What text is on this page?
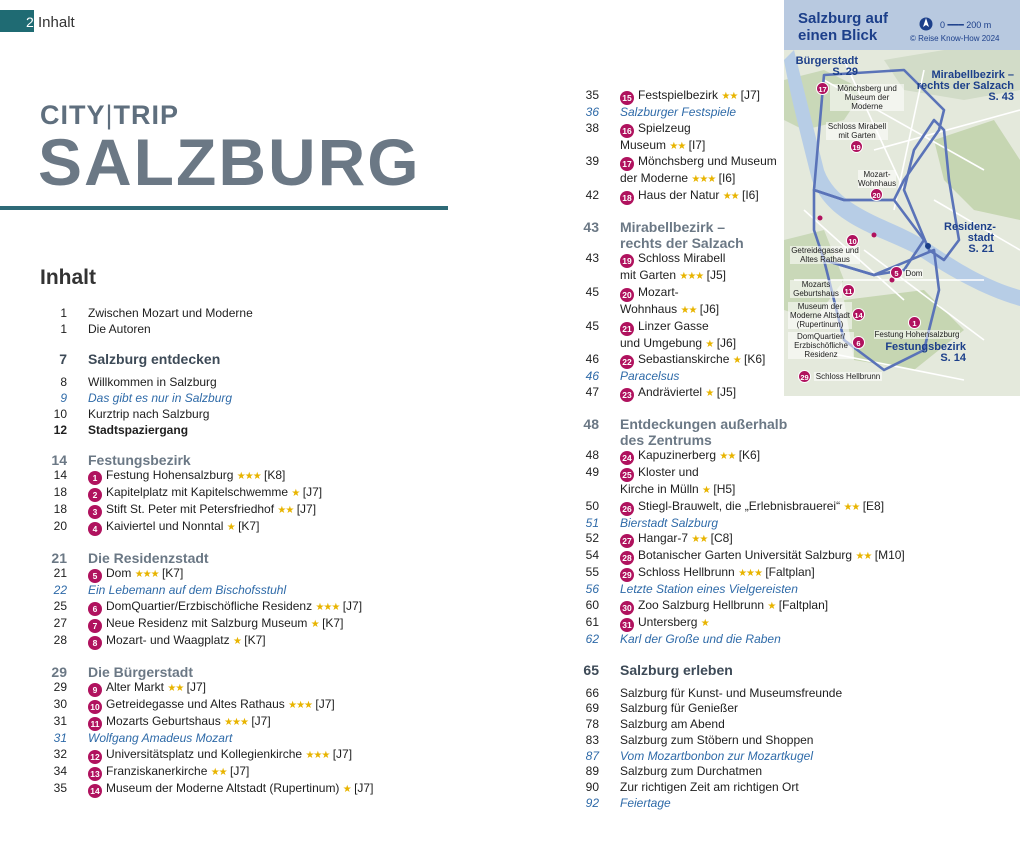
2 Inhalt
CITY|TRIP
SALZBURG
Inhalt
1	Zwischen Mozart und Moderne
1	Die Autoren
7	Salzburg entdecken
8	Willkommen in Salzburg
9	Das gibt es nur in Salzburg
10	Kurztrip nach Salzburg
12	Stadtspaziergang
14	Festungsbezirk
14	1 Festung Hohensalzburg ★★★ [K8]
18	2 Kapitelplatz mit Kapitelschwemme ★ [J7]
18	3 Stift St. Peter mit Petersfriedhof ★★ [J7]
20	4 Kaiviertel und Nonntal ★ [K7]
21	Die Residenzstadt
21	5 Dom ★★★ [K7]
22	Ein Lebemann auf dem Bischofsstuhl
25	6 DomQuartier/Erzbischöfliche Residenz ★★★ [J7]
27	7 Neue Residenz mit Salzburg Museum ★ [K7]
28	8 Mozart- und Waagplatz ★ [K7]
29	Die Bürgerstadt
29	9 Alter Markt ★★ [J7]
30	10 Getreidegasse und Altes Rathaus ★★★ [J7]
31	11 Mozarts Geburtshaus ★★★ [J7]
31	Wolfgang Amadeus Mozart
32	12 Universitätsplatz und Kollegienkirche ★★★ [J7]
34	13 Franziskanerkirche ★★ [J7]
35	14 Museum der Moderne Altstadt (Rupertinum) ★ [J7]
35	15 Festspielbezirk ★★ [J7]
36	Salzburger Festspiele
38	16 Spielzeug
Museum ★★ [I7]
39	17 Mönchsberg und Museum
der Moderne ★★★ [I6]
42	18 Haus der Natur ★★ [I6]
43	Mirabellbezirk –
rechts der Salzach
43	19 Schloss Mirabell
mit Garten ★★★ [J5]
45	20 Mozart-
Wohnhaus ★★ [J6]
45	21 Linzer Gasse
und Umgebung ★ [J6]
46	22 Sebastianskirche ★ [K6]
46	Paracelsus
47	23 Andräviertel ★ [J5]
48	Entdeckungen außerhalb
des Zentrums
48	24 Kapuzinerberg ★★ [K6]
49	25 Kloster und
Kirche in Mülln ★ [H5]
50	26 Stiegl-Brauwelt, die „Erlebnisbrauerei“ ★★ [E8]
51	Bierstadt Salzburg
52	27 Hangar-7 ★★ [C8]
54	28 Botanischer Garten Universität Salzburg ★★ [M10]
55	29 Schloss Hellbrunn ★★★ [Faltplan]
56	Letzte Station eines Vielgereisten
60	30 Zoo Salzburg Hellbrunn ★ [Faltplan]
61	31 Untersberg ★
62	Karl der Große und die Raben
65	Salzburg erleben
66	Salzburg für Kunst- und Museumsfreunde
69	Salzburg für Genießer
78	Salzburg am Abend
83	Salzburg zum Stöbern und Shoppen
87	Vom Mozartbonbon zur Mozartkugel
89	Salzburg zum Durchatmen
90	Zur richtigen Zeit am richtigen Ort
92	Feiertage
Salzburg auf einen Blick
0 ━━━ 200 m
© Reise Know-How 2024
Bürgerstadt
S. 29	Mirabellbezirk –
rechts der Salzach
S. 43
Residenz-
stadt
S. 21
Festungsbezirk
S. 14
17	Mönchsberg und Museum der Moderne
Schloss Mirabell mit Garten
19
Mozart-Wohnhaus
20
10
Getreidegasse und Altes Rathaus
5 Dom
Mozarts Geburtshaus 11
Museum der Moderne Altstadt (Rupertinum)
14
1
Festung Hohensalzburg
DomQuartier/ Erzbischöfliche Residenz
6
29 Schloss Hellbrunn
